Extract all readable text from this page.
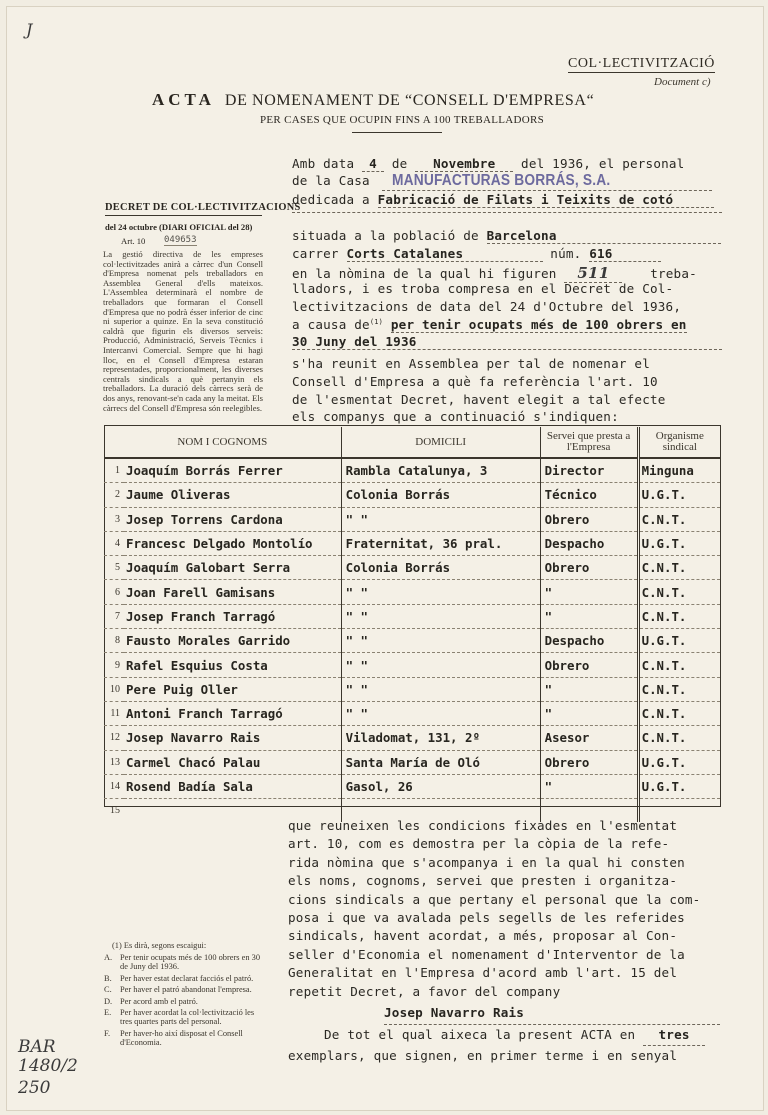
J
COL·LECTIVITZACIÓ
Document c)
ACTA DE NOMENAMENT DE “CONSELL D'EMPRESA“
PER CASES QUE OCUPIN FINS A 100 TREBALLADORS
DECRET DE COL·LECTIVITZACIONS
del 24 octubre (DIARI OFICIAL del 28)
Art. 10 049653
La gestió directiva de les empreses col·lectivitzades anirà a càrrec d'un Consell d'Empresa nomenat pels treballadors en Assemblea General d'ells mateixos. L'Assemblea determinarà el nombre de treballadors que formaran el Consell d'Empresa que no podrà ésser inferior de cinc ni superior a quinze. En la seva constitució caldrà que figurin els diversos serveis: Producció, Administració, Serveis Tècnics i Intercanvi Comercial. Sempre que hi hagi lloc, en el Consell d'Empresa estaran representades, proporcionalment, les diverses centrals sindicals a què pertanyin els treballadors. La duració dels càrrecs serà de dos anys, renovant-se'n cada any la meitat. Els càrrecs del Consell d'Empresa són reelegibles.
Amb data 4 de Novembre del 1936, el personal
de la Casa MANUFACTURAS BORRÁS, S.A.
dedicada a Fabricació de Filats i Teixits de cotó
situada a la població de Barcelona
carrer Corts Catalanes	núm. 616
en la nòmina de la qual hi figuren 511	treba-
lladors, i es troba compresa en el Decret de Col-
lectivitzacions de data del 24 d'Octubre del 1936,
a causa $de^{(1)}$ per tenir ocupats més de 100 obrers en
30 Juny del 1936
s'ha reunit en Assemblea per tal de nomenar el
Consell d'Empresa a què fa referència l'art. 10
de l'esmentat Decret, havent elegit a tal efecte
els companys que a continuació s'indiquen:
NOM I COGNOMS		DOMICILI	Servei que presta a l'Empresa	Organisme sindical
1	Joaquím Borrás Ferrer	Rambla Catalunya, 3	Director	Minguna
2	Jaume Oliveras	Colonia Borrás	Técnico	U.G.T.
3	Josep Torrens Cardona	" "	Obrero	C.N.T.
4	Francesc Delgado Montolío	Fraternitat, 36 pral.	Despacho	U.G.T.
5	Joaquím Galobart Serra	Colonia Borrás	Obrero	C.N.T.
6	Joan Farell Gamisans	" "	"	C.N.T.
7	Josep Franch Tarragó	" "	"	C.N.T.
8	Fausto Morales Garrido	" "	Despacho	U.G.T.
9	Rafel Esquius Costa	" "	Obrero	C.N.T.
10	Pere Puig Oller	" "	"	C.N.T.
11	Antoni Franch Tarragó	" "	"	C.N.T.
12	Josep Navarro Rais	Viladomat, 131, 2º	Asesor	C.N.T.
13	Carmel Chacó Palau	Santa María de Oló	Obrero	U.G.T.
14	Rosend Badía Sala	Gasol, 26	"	U.G.T.
15				
que reuneixen les condicions fixades en l'esmentat
art. 10, com es demostra per la còpia de la refe-
rida nòmina que s'acompanya i en la qual hi consten
els noms, cognoms, servei que presten i organitza-
cions sindicals a que pertany el personal que la com-
posa i que va avalada pels segells de les referides
sindicals, havent acordat, a més, proposar al Con-
seller d'Economia el nomenament d'Interventor de la
Generalitat en l'Empresa d'acord amb l'art. 15 del
repetit Decret, a favor del company
Josep Navarro Rais
De tot el qual aixeca la present ACTA en tres
exemplars, que signen, en primer terme i en senyal
(1) Es dirà, segons escaigui:
A. Per tenir ocupats més de 100 obrers en 30 de Juny del 1936.
B. Per haver estat declarat facciós el patró.
C. Per haver el patró abandonat l'empresa.
D. Per acord amb el patró.
E.	Per haver acordat la col·lectivització les tres quartes parts del personal.
F.	Per haver-ho així disposat el Consell d'Economia.
BAR
1480/2
250
